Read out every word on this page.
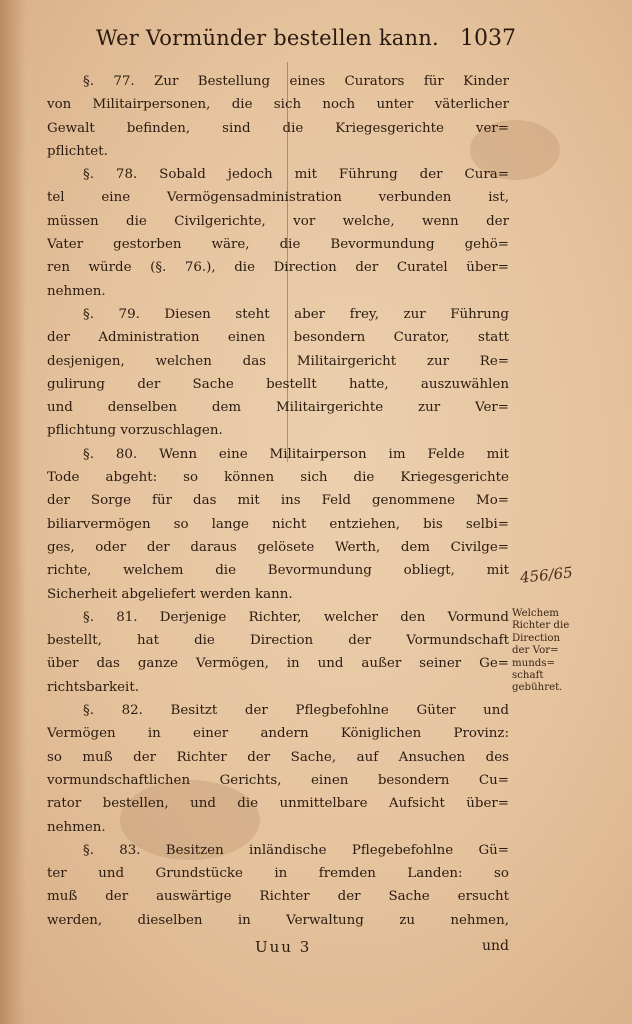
Wer Vormünder bestellen kann. 1037
§. 77. Zur Bestellung eines Curators für Kinder
von Militairpersonen, die sich noch unter väterlicher
Gewalt befinden, sind die Kriegesgerichte ver=
pflichtet.
§. 78. Sobald jedoch mit Führung der Cura=
tel eine Vermögensadministration verbunden ist,
müssen die Civilgerichte, vor welche, wenn der
Vater gestorben wäre, die Bevormundung gehö=
ren würde (§. 76.), die Direction der Curatel über=
nehmen.
§. 79. Diesen steht aber frey, zur Führung
der Administration einen besondern Curator, statt
desjenigen, welchen das Militairgericht zur Re=
gulirung der Sache bestellt hatte, auszuwählen
und denselben dem Militairgerichte zur Ver=
pflichtung vorzuschlagen.
§. 80. Wenn eine Militairperson im Felde mit
Tode abgeht: so können sich die Kriegesgerichte
der Sorge für das mit ins Feld genommene Mo=
biliarvermögen so lange nicht entziehen, bis selbi=
ges, oder der daraus gelösete Werth, dem Civilge=
richte, welchem die Bevormundung obliegt, mit
Sicherheit abgeliefert werden kann.
§. 81. Derjenige Richter, welcher den Vormund
bestellt, hat die Direction der Vormundschaft
über das ganze Vermögen, in und außer seiner Ge=
richtsbarkeit.
§. 82. Besitzt der Pflegbefohlne Güter und
Vermögen in einer andern Königlichen Provinz:
so muß der Richter der Sache, auf Ansuchen des
vormundschaftlichen Gerichts, einen besondern Cu=
rator bestellen, und die unmittelbare Aufsicht über=
nehmen.
§. 83. Besitzen inländische Pflegebefohlne Gü=
ter und Grundstücke in fremden Landen: so
muß der auswärtige Richter der Sache ersucht
werden, dieselben in Verwaltung zu nehmen,
456/65
Welchem
Richter die
Direction
der Vor=
munds=
schaft
gebühret.
Uuu 3	und
